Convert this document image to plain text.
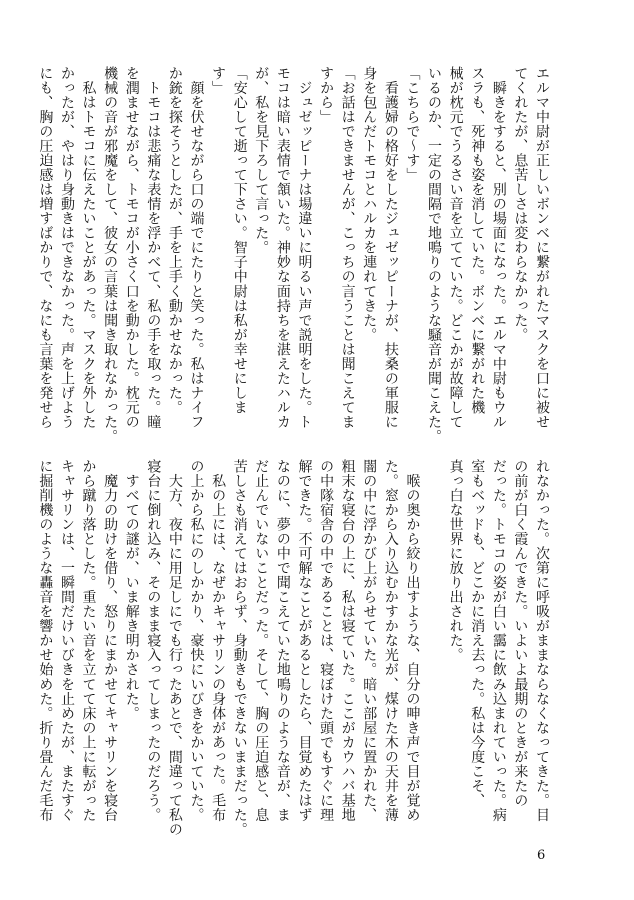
エルマ中尉が正しいボンベに繋がれたマスクを口に被せ
てくれたが、息苦しさは変わらなかった。
　瞬きをすると、別の場面になった。エルマ中尉もウル
スラも、死神も姿を消していた。ボンベに繋がれた機
械が枕元でうるさい音を立てていた。どこかが故障して
いるのか、一定の間隔で地鳴りのような騒音が聞こえた。
「こちらで～す」
　看護婦の格好をしたジュゼッピーナが、扶桑の軍服に
身を包んだトモコとハルカを連れてきた。
「お話はできませんが、こっちの言うことは聞こえてま
すから」
　ジュゼッピーナは場違いに明るい声で説明をした。ト
モコは暗い表情で頷いた。神妙な面持ちを湛えたハルカ
が、私を見下ろして言った。
「安心して逝って下さい。智子中尉は私が幸せにしま
す」
　顔を伏せながら口の端でにたりと笑った。私はナイフ
か銃を探そうとしたが、手を上手く動かせなかった。
　トモコは悲痛な表情を浮かべて、私の手を取った。瞳
を潤ませながら、トモコが小さく口を動かした。枕元の
機械の音が邪魔をして、彼女の言葉は聞き取れなかった。
　私はトモコに伝えたいことがあった。マスクを外した
かったが、やはり身動きはできなかった。声を上げよう
にも、胸の圧迫感は増すばかりで、なにも言葉を発せら
れなかった。次第に呼吸がままならなくなってきた。目
の前が白く霞んできた。いよいよ最期のときが来たの
だった。トモコの姿が白い靄に飲み込まれていった。病
室もベッドも、どこかに消え去った。私は今度こそ、
真っ白な世界に放り出された。

　喉の奥から絞り出すような、自分の呻き声で目が覚め
た。窓から入り込むかすかな光が、煤けた木の天井を薄
闇の中に浮かび上がらせていた。暗い部屋に置かれた、
粗末な寝台の上に、私は寝ていた。ここがカウハバ基地
の中隊宿舎の中であることは、寝ぼけた頭でもすぐに理
解できた。不可解なことがあるとしたら、目覚めたはず
なのに、夢の中で聞こえていた地鳴りのような音が、ま
だ止んでいないことだった。そして、胸の圧迫感と、息
苦しさも消えてはおらず、身動きもできないままだった。
　私の上には、なぜかキャサリンの身体があった。毛布
の上から私にのしかかり、豪快にいびきをかいていた。
　大方、夜中に用足しにでも行ったあとで、間違って私の
寝台に倒れ込み、そのまま寝入ってしまったのだろう。
　すべての謎が、いま解き明かされた。
　魔力の助けを借り、怒りにまかせてキャサリンを寝台
から蹴り落とした。重たい音を立てて床の上に転がった
キャサリンは、一瞬間だけいびきを止めたが、またすぐ
に掘削機のような轟音を響かせ始めた。折り畳んだ毛布
6
